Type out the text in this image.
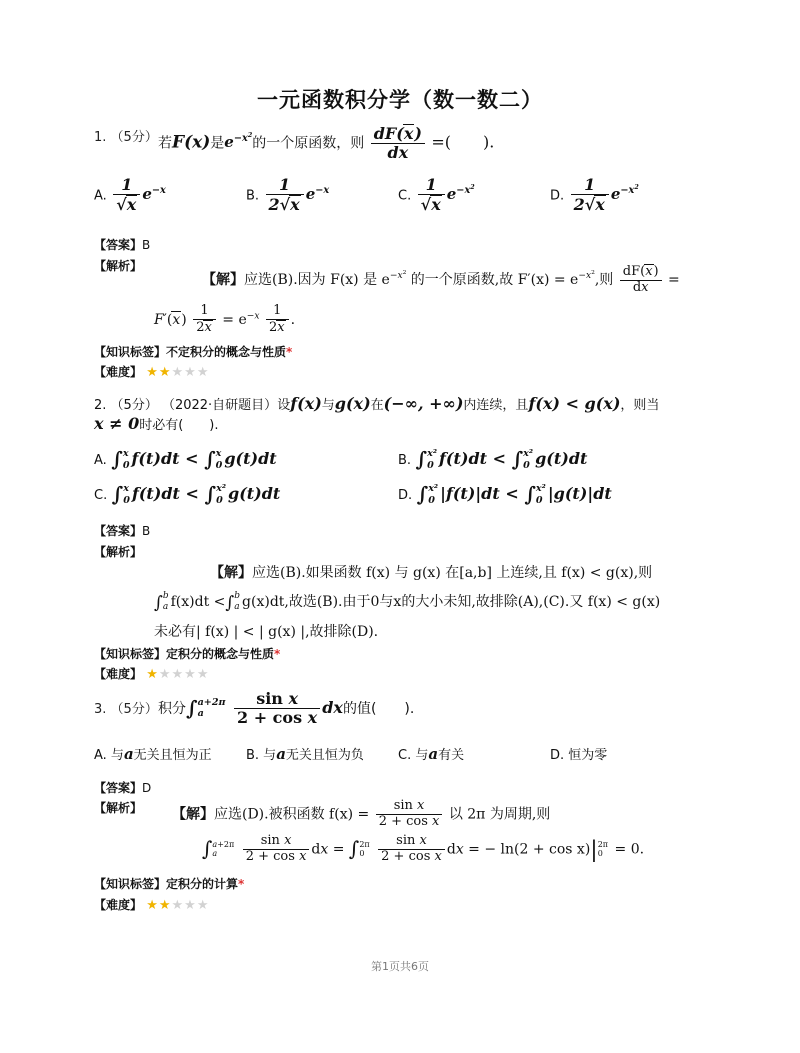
一元函数积分学（数一数二）
1. （5分） 若F(x)是$e^{-x^2}$的一个原函数，则 $\frac{dF(x)}{dx}$ =(　　).
A. $\frac{1}{√x} e^{-x}$	B. $\frac{1}{2√x} e^{-x}$	C. $\frac{1}{√x} e^{-x^2}$
D. $\frac{1}{2√x} e^{-x^2}$
【答案】B
【解析】
【解】应选(B).因为 F(x) 是 $e^{-x^2}$ 的一个原函数,故 $F'(x) = e^{-x^2}$,则 $\frac{dF(x)}{dx}$ =
$F'(x) \frac{1}{2x} = e^{-x} \frac{1}{2x}$ .
【知识标签】不定积分的概念与性质*
【难度】 ★★★★★
2. （5分） （2022·自研题目）设f(x)与g(x)在(−∞, +∞)内连续，且f(x) < g(x)，则当
x ≠ 0时必有(　　).
A. ∫ x
0 f(t)dt < ∫ x
0 g(t)dt	B. ∫ x²
0 f(t)dt < ∫ x²
0 g(t)dt
C. ∫ x
0 f(t)dt < ∫ x²
0 g(t)dt	D. ∫ x²
0 |f(t)|dt < ∫ x²
0 |g(t)|dt
【答案】B
【解析】
【解】应选(B).如果函数 f(x) 与 g(x) 在[a,b] 上连续,且 f(x) < g(x),则
∫ b
a f(x)dt <∫ b
a g(x)dt,故选(B).由于0与x的大小未知,故排除(A),(C).又 f(x) < g(x)
未必有| f(x) | < | g(x) |,故排除(D).
【知识标签】定积分的概念与性质*
【难度】 ★★★★★
3. （5分） 积分∫ a+2π
a
	$\frac{\text{sin x}}{\text{2 + cos x}}$ dx的值(　　).
A. 与a无关且恒为正	B. 与a无关且恒为负	C. 与a有关	D. 恒为零
【答案】D
【解析】 【解】应选(D).被积函数 $f(x) = \frac{\text{sin x}}{\text{2 + cos x}}$ 以 2π 为周期,则
∫ a+2π
a
	$\frac{\text{sin x}}{\text{2 + cos x}}$ dx = ∫ 2π
0
	$\frac{\text{sin x}}{\text{2 + cos x}}$ dx = − ln(2 + cos x)| 2π
0 = 0.
【知识标签】定积分的计算*
【难度】 ★★★★★
第1页共6页
